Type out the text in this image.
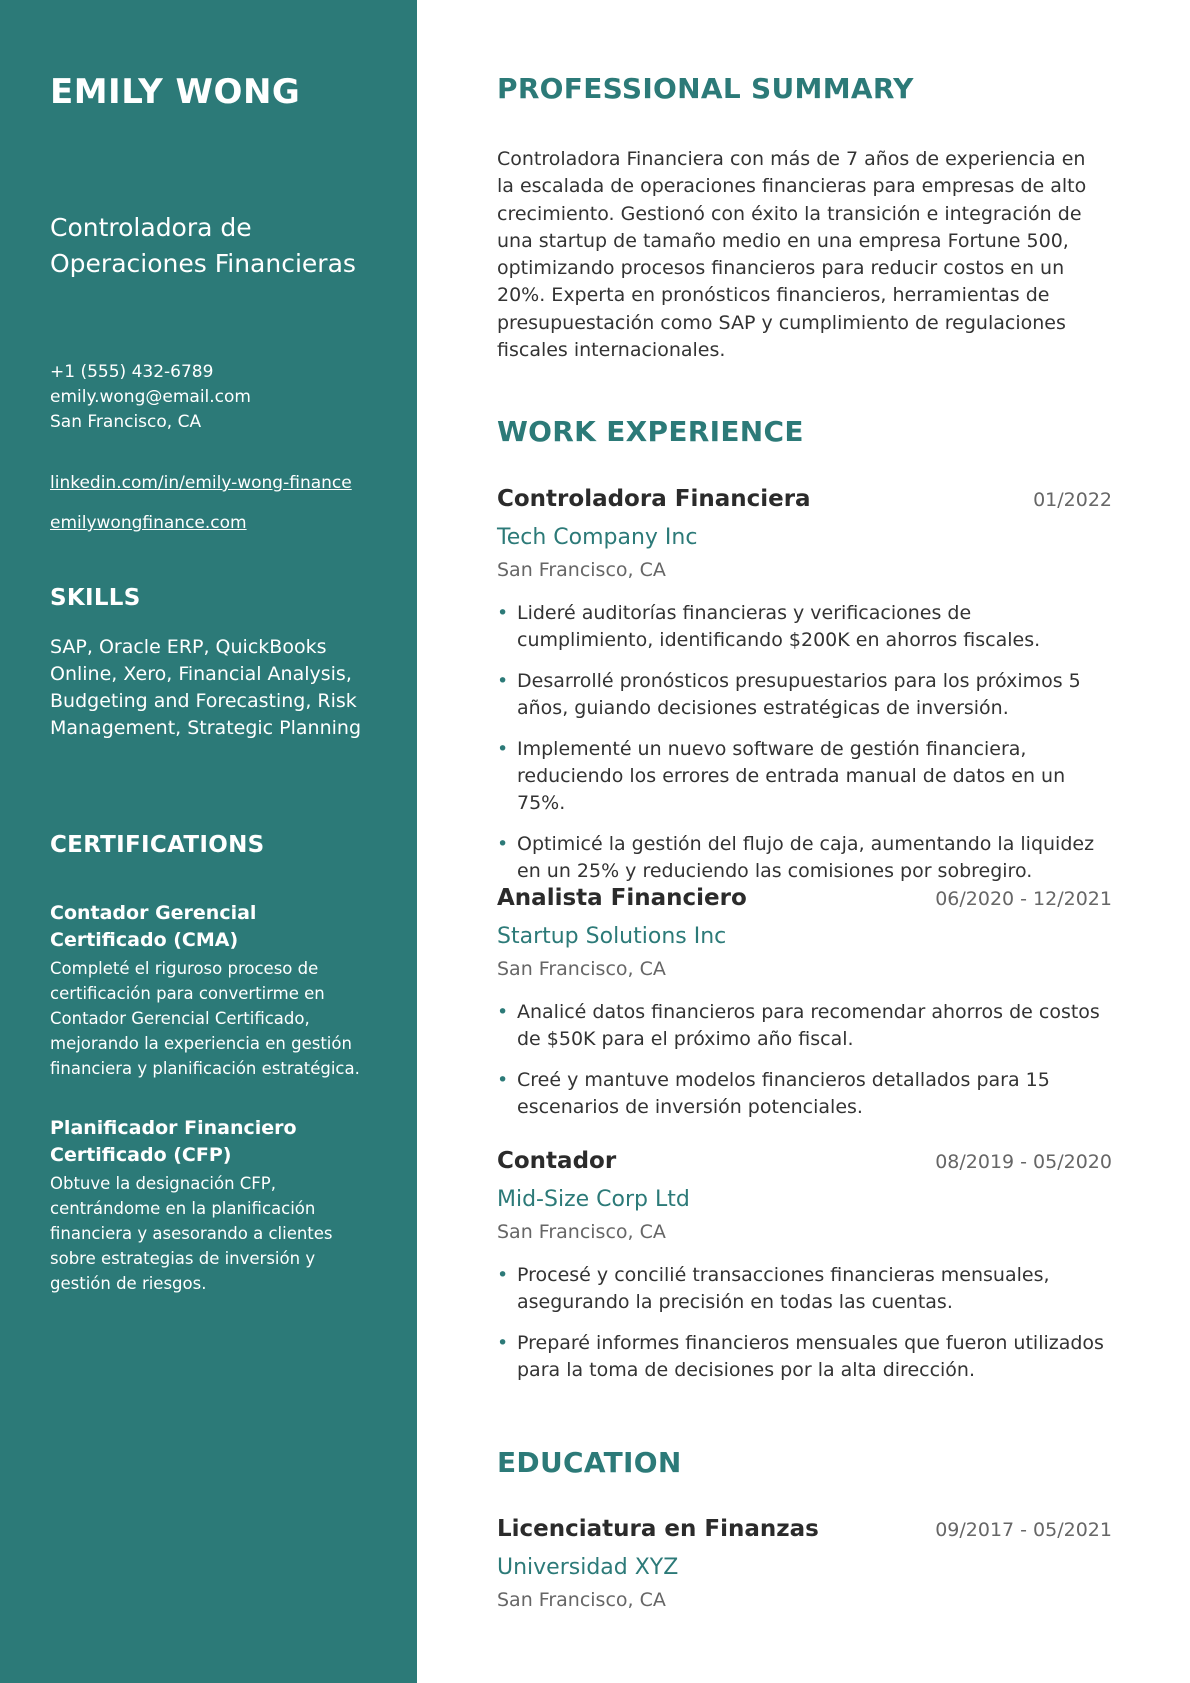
EMILY WONG
Controladora de Operaciones Financieras
+1 (555) 432-6789
emily.wong@email.com
San Francisco, CA
linkedin.com/in/emily-wong-finance
emilywongfinance.com
SKILLS
SAP, Oracle ERP, QuickBooks Online, Xero, Financial Analysis, Budgeting and Forecasting, Risk Management, Strategic Planning
CERTIFICATIONS
Contador Gerencial Certificado (CMA)
Completé el riguroso proceso de certificación para convertirme en Contador Gerencial Certificado, mejorando la experiencia en gestión financiera y planificación estratégica.
Planificador Financiero Certificado (CFP)
Obtuve la designación CFP, centrándome en la planificación financiera y asesorando a clientes sobre estrategias de inversión y gestión de riesgos.
PROFESSIONAL SUMMARY
Controladora Financiera con más de 7 años de experiencia en la escalada de operaciones financieras para empresas de alto crecimiento. Gestionó con éxito la transición e integración de una startup de tamaño medio en una empresa Fortune 500, optimizando procesos financieros para reducir costos en un 20%. Experta en pronósticos financieros, herramientas de presupuestación como SAP y cumplimiento de regulaciones fiscales internacionales.
WORK EXPERIENCE
Controladora Financiera	01/2022
Tech Company Inc
San Francisco, CA
• Lideré auditorías financieras y verificaciones de cumplimiento, identificando $200K en ahorros fiscales.
• Desarrollé pronósticos presupuestarios para los próximos 5 años, guiando decisiones estratégicas de inversión.
• Implementé un nuevo software de gestión financiera, reduciendo los errores de entrada manual de datos en un 75%.
• Optimicé la gestión del flujo de caja, aumentando la liquidez en un 25% y reduciendo las comisiones por sobregiro.
Analista Financiero	06/2020 - 12/2021
Startup Solutions Inc
San Francisco, CA
• Analicé datos financieros para recomendar ahorros de costos de $50K para el próximo año fiscal.
• Creé y mantuve modelos financieros detallados para 15 escenarios de inversión potenciales.
Contador	08/2019 - 05/2020
Mid-Size Corp Ltd
San Francisco, CA
• Procesé y concilié transacciones financieras mensuales, asegurando la precisión en todas las cuentas.
• Preparé informes financieros mensuales que fueron utilizados para la toma de decisiones por la alta dirección.
EDUCATION
Licenciatura en Finanzas	09/2017 - 05/2021
Universidad XYZ
San Francisco, CA
